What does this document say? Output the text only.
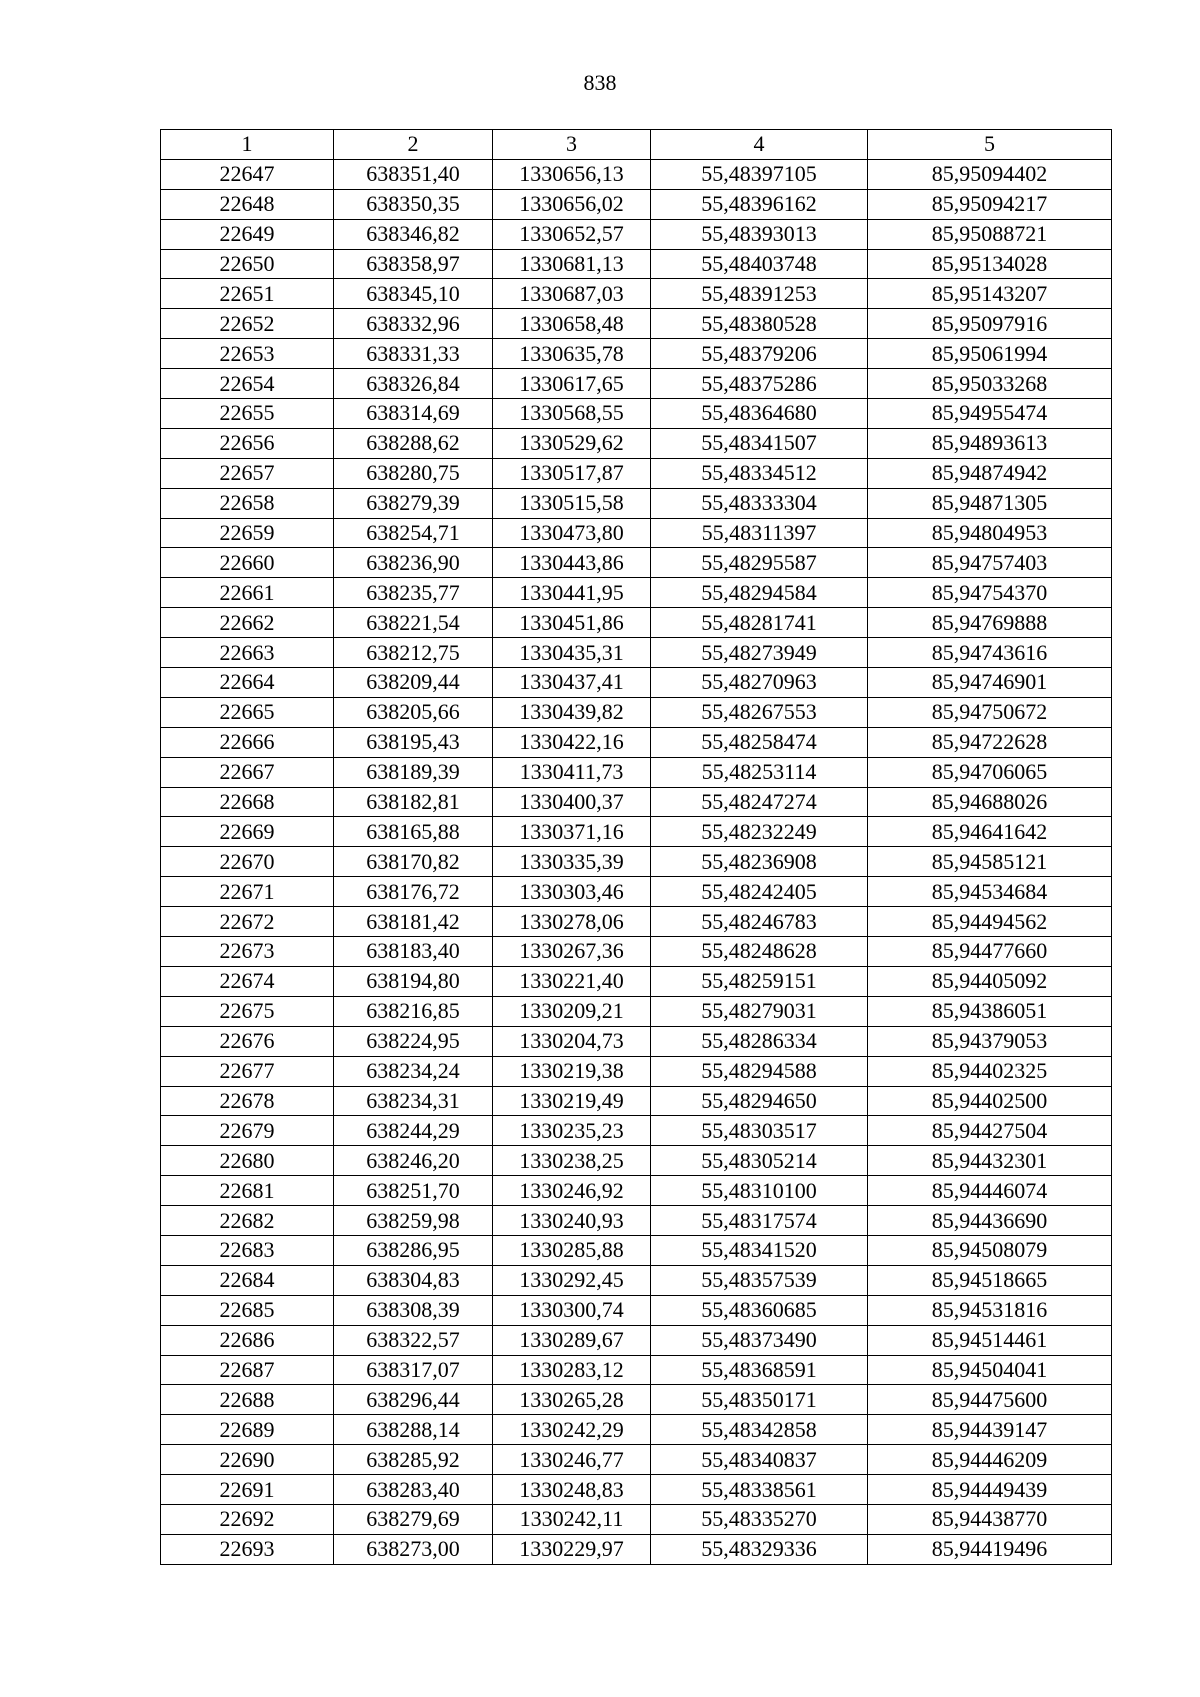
838
1	2	3	4	5
22647	638351,40	1330656,13	55,48397105	85,95094402
22648	638350,35	1330656,02	55,48396162	85,95094217
22649	638346,82	1330652,57	55,48393013	85,95088721
22650	638358,97	1330681,13	55,48403748	85,95134028
22651	638345,10	1330687,03	55,48391253	85,95143207
22652	638332,96	1330658,48	55,48380528	85,95097916
22653	638331,33	1330635,78	55,48379206	85,95061994
22654	638326,84	1330617,65	55,48375286	85,95033268
22655	638314,69	1330568,55	55,48364680	85,94955474
22656	638288,62	1330529,62	55,48341507	85,94893613
22657	638280,75	1330517,87	55,48334512	85,94874942
22658	638279,39	1330515,58	55,48333304	85,94871305
22659	638254,71	1330473,80	55,48311397	85,94804953
22660	638236,90	1330443,86	55,48295587	85,94757403
22661	638235,77	1330441,95	55,48294584	85,94754370
22662	638221,54	1330451,86	55,48281741	85,94769888
22663	638212,75	1330435,31	55,48273949	85,94743616
22664	638209,44	1330437,41	55,48270963	85,94746901
22665	638205,66	1330439,82	55,48267553	85,94750672
22666	638195,43	1330422,16	55,48258474	85,94722628
22667	638189,39	1330411,73	55,48253114	85,94706065
22668	638182,81	1330400,37	55,48247274	85,94688026
22669	638165,88	1330371,16	55,48232249	85,94641642
22670	638170,82	1330335,39	55,48236908	85,94585121
22671	638176,72	1330303,46	55,48242405	85,94534684
22672	638181,42	1330278,06	55,48246783	85,94494562
22673	638183,40	1330267,36	55,48248628	85,94477660
22674	638194,80	1330221,40	55,48259151	85,94405092
22675	638216,85	1330209,21	55,48279031	85,94386051
22676	638224,95	1330204,73	55,48286334	85,94379053
22677	638234,24	1330219,38	55,48294588	85,94402325
22678	638234,31	1330219,49	55,48294650	85,94402500
22679	638244,29	1330235,23	55,48303517	85,94427504
22680	638246,20	1330238,25	55,48305214	85,94432301
22681	638251,70	1330246,92	55,48310100	85,94446074
22682	638259,98	1330240,93	55,48317574	85,94436690
22683	638286,95	1330285,88	55,48341520	85,94508079
22684	638304,83	1330292,45	55,48357539	85,94518665
22685	638308,39	1330300,74	55,48360685	85,94531816
22686	638322,57	1330289,67	55,48373490	85,94514461
22687	638317,07	1330283,12	55,48368591	85,94504041
22688	638296,44	1330265,28	55,48350171	85,94475600
22689	638288,14	1330242,29	55,48342858	85,94439147
22690	638285,92	1330246,77	55,48340837	85,94446209
22691	638283,40	1330248,83	55,48338561	85,94449439
22692	638279,69	1330242,11	55,48335270	85,94438770
22693	638273,00	1330229,97	55,48329336	85,94419496
